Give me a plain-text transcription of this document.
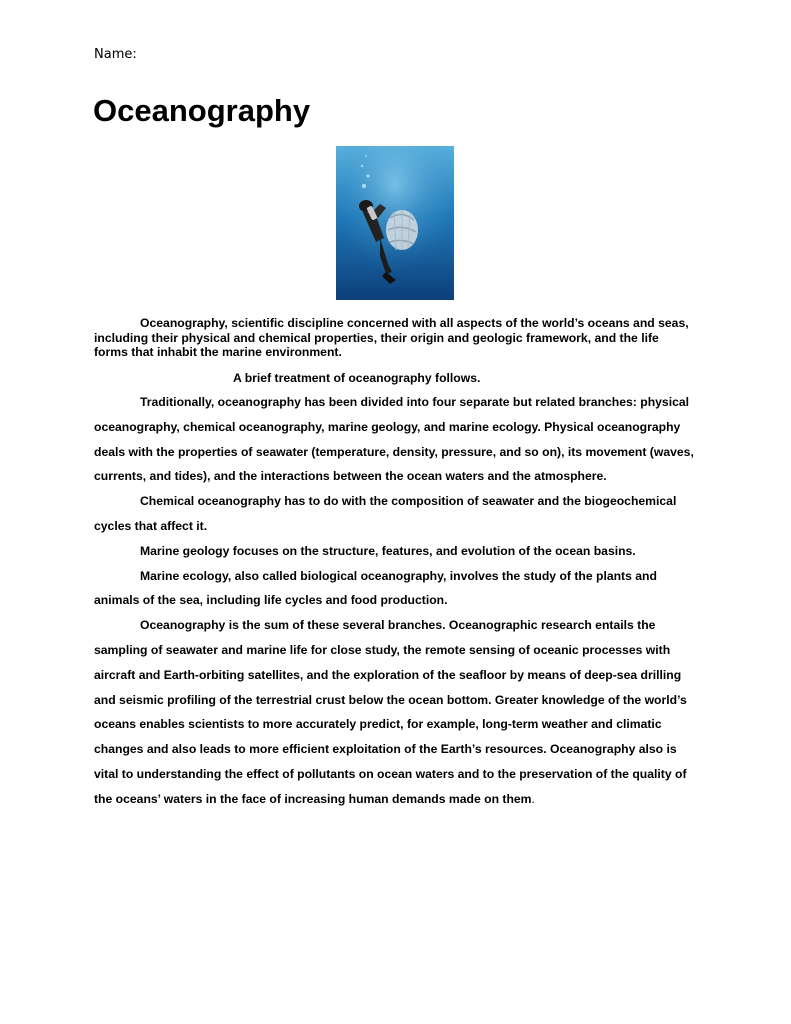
Name:
Oceanography

Oceanography, scientific discipline concerned with all aspects of the world’s oceans and seas, including their physical and chemical properties, their origin and geologic framework, and the life forms that inhabit the marine environment.

A brief treatment of oceanography follows.

Traditionally, oceanography has been divided into four separate but related branches: physical oceanography, chemical oceanography, marine geology, and marine ecology. Physical oceanography deals with the properties of seawater (temperature, density, pressure, and so on), its movement (waves, currents, and tides), and the interactions between the ocean waters and the atmosphere.

Chemical oceanography has to do with the composition of seawater and the biogeochemical cycles that affect it.

Marine geology focuses on the structure, features, and evolution of the ocean basins.

Marine ecology, also called biological oceanography, involves the study of the plants and animals of the sea, including life cycles and food production.

Oceanography is the sum of these several branches. Oceanographic research entails the sampling of seawater and marine life for close study, the remote sensing of oceanic processes with aircraft and Earth-orbiting satellites, and the exploration of the seafloor by means of deep-sea drilling and seismic profiling of the terrestrial crust below the ocean bottom. Greater knowledge of the world’s oceans enables scientists to more accurately predict, for example, long-term weather and climatic changes and also leads to more efficient exploitation of the Earth’s resources. Oceanography also is vital to understanding the effect of pollutants on ocean waters and to the preservation of the quality of the oceans’ waters in the face of increasing human demands made on them.
